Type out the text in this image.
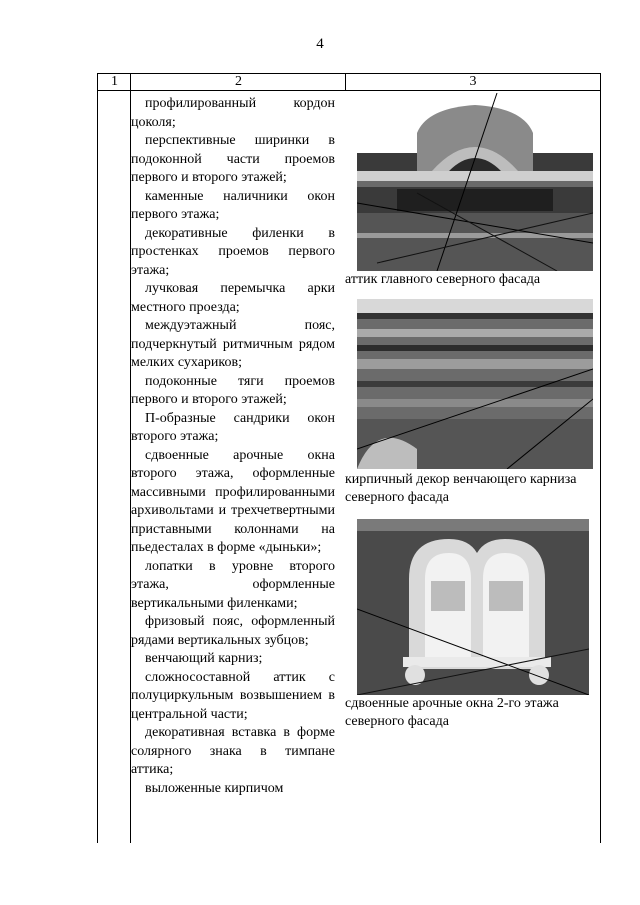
4
1	2	3

профилированный кордон цоколя;

перспективные ширинки в подоконной части проемов первого и второго этажей;

каменные наличники окон первого этажа;

декоративные филенки в простенках проемов первого этажа;

лучковая перемычка арки местного проезда;

междуэтажный пояс, подчеркнутый ритмичным рядом мелких сухариков;

подоконные тяги проемов первого и второго этажей;

П-образные сандрики окон второго этажа;

сдвоенные арочные окна второго этажа, оформленные массивными профилированными архивольтами и трехчетвертными приставными колоннами на пьедесталах в форме «дыньки»;

лопатки в уровне второго этажа, оформленные вертикальными филенками;

фризовый пояс, оформленный рядами вертикальных зубцов;

венчающий карниз;

сложносоставной аттик с полуциркульным возвышением в центральной части;

декоративная вставка в форме солярного знака в тимпане аттика;

выложенные кирпичом

аттик главного северного фасада
кирпичный декор венчающего карниза северного фасада
сдвоенные арочные окна 2-го этажа северного фасада
